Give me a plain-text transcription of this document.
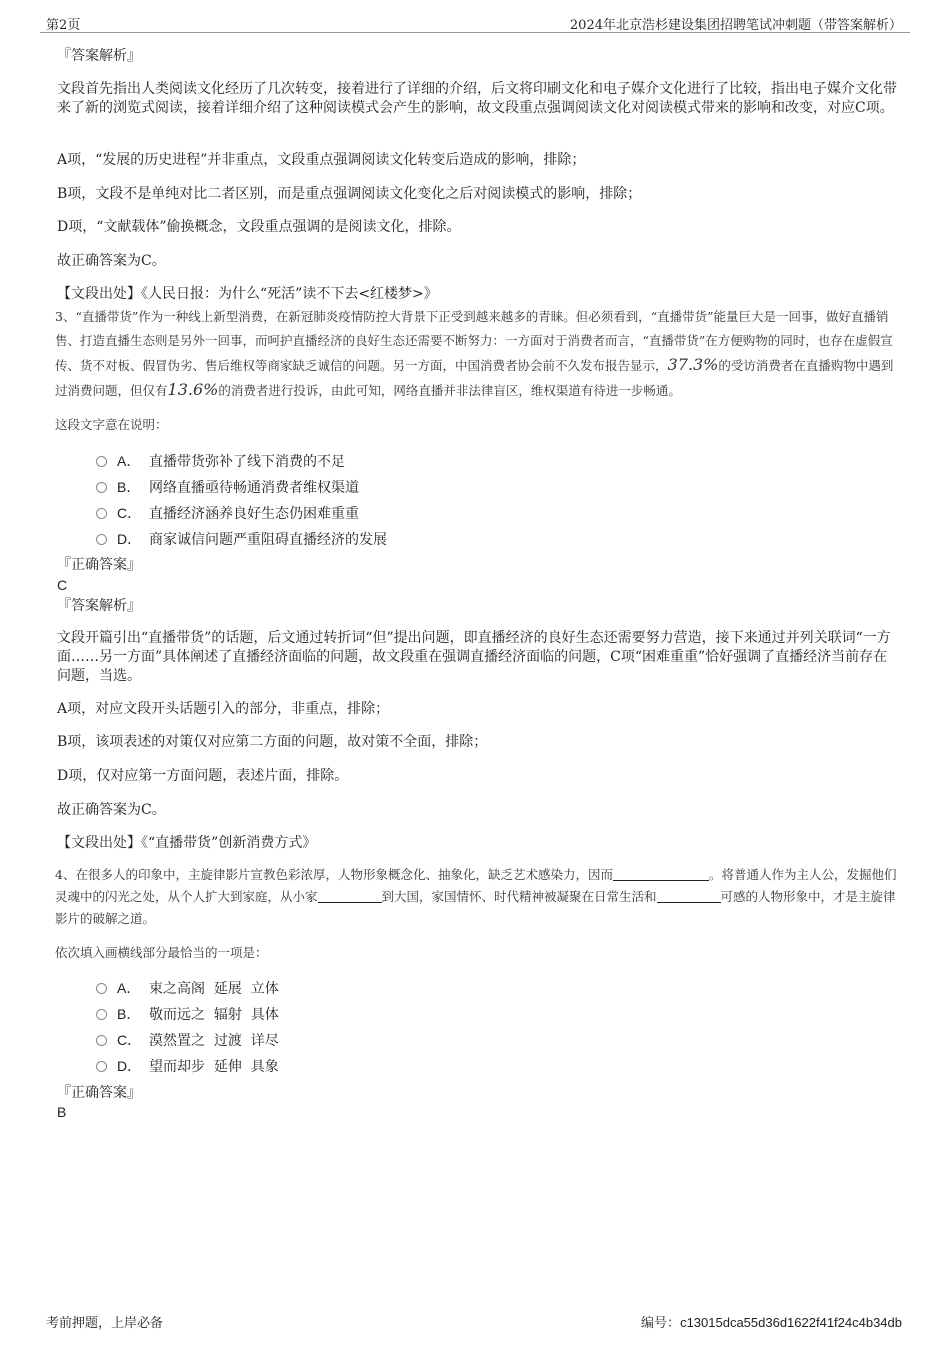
第2页	2024年北京浩杉建设集团招聘笔试冲刺题（带答案解析）
『答案解析』
文段首先指出人类阅读文化经历了几次转变，接着进行了详细的介绍，后文将印刷文化和电子媒介文化进行了比较，指出电子媒介文化带来了新的浏览式阅读，接着详细介绍了这种阅读模式会产生的影响，故文段重点强调阅读文化对阅读模式带来的影响和改变，对应C项。
A项，“发展的历史进程”并非重点，文段重点强调阅读文化转变后造成的影响，排除；
B项，文段不是单纯对比二者区别，而是重点强调阅读文化变化之后对阅读模式的影响，排除；
D项，“文献载体”偷换概念，文段重点强调的是阅读文化，排除。
故正确答案为C。
【文段出处】《人民日报：为什么“死活”读不下去<红楼梦>》

3、“直播带货”作为一种线上新型消费，在新冠肺炎疫情防控大背景下正受到越来越多的青睐。但必须看到，“直播带货”能量巨大是一回事，做好直播销售、打造直播生态则是另外一回事，而呵护直播经济的良好生态还需要不断努力：一方面对于消费者而言，“直播带货”在方便购物的同时，也存在虚假宣传、货不对板、假冒伪劣、售后维权等商家缺乏诚信的问题。另一方面，中国消费者协会前不久发布报告显示，37.3%的受访消费者在直播购物中遇到过消费问题，但仅有13.6%的消费者进行投诉，由此可知，网络直播并非法律盲区，维权渠道有待进一步畅通。

这段文字意在说明：
A． 直播带货弥补了线下消费的不足
B． 网络直播亟待畅通消费者维权渠道
C． 直播经济涵养良好生态仍困难重重
D． 商家诚信问题严重阻碍直播经济的发展
『正确答案』
C
『答案解析』
文段开篇引出“直播带货”的话题，后文通过转折词“但”提出问题，即直播经济的良好生态还需要努力营造，接下来通过并列关联词“一方面……另一方面”具体阐述了直播经济面临的问题，故文段重在强调直播经济面临的问题，C项“困难重重”恰好强调了直播经济当前存在问题，当选。
A项，对应文段开头话题引入的部分，非重点，排除；
B项，该项表述的对策仅对应第二方面的问题，故对策不全面，排除；
D项，仅对应第一方面问题，表述片面，排除。
故正确答案为C。
【文段出处】《“直播带货”创新消费方式》

4、在很多人的印象中，主旋律影片宣教色彩浓厚，人物形象概念化、抽象化，缺乏艺术感染力，因而	。将普通人作为主人公，发掘他们灵魂中的闪光之处，从个人扩大到家庭，从小家	到大国，家国情怀、时代精神被凝聚在日常生活和	可感的人物形象中，才是主旋律影片的破解之道。

依次填入画横线部分最恰当的一项是：
A． 束之高阁  延展  立体
B． 敬而远之  辐射  具体
C． 漠然置之  过渡  详尽
D． 望而却步  延伸  具象
『正确答案』
B
考前押题，上岸必备	编号：c13015dca55d36d1622f41f24c4b34db
